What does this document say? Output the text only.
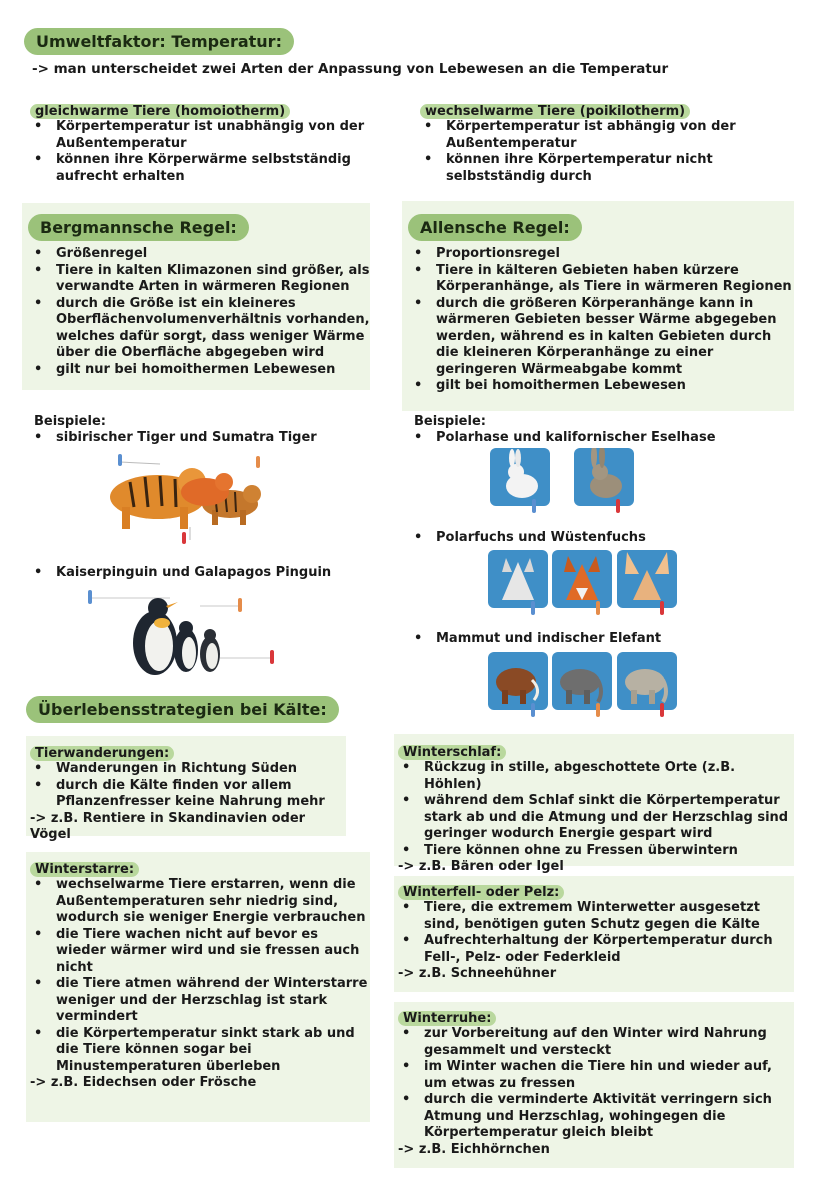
Umweltfaktor: Temperatur:
-> man unterscheidet zwei Arten der Anpassung von Lebewesen an die Temperatur
gleichwarme Tiere (homoiotherm)
• Körpertemperatur ist unabhängig von der Außentemperatur
• können ihre Körperwärme selbstständig aufrecht erhalten
wechselwarme Tiere (poikilotherm)
• Körpertemperatur ist abhängig von der Außentemperatur
• können ihre Körpertemperatur nicht selbstständig durch
Bergmannsche Regel:
• Größenregel
• Tiere in kalten Klimazonen sind größer, als verwandte Arten in wärmeren Regionen
• durch die Größe ist ein kleineres Oberflächenvolumenverhältnis vorhanden, welches dafür sorgt, dass weniger Wärme über die Oberfläche abgegeben wird
• gilt nur bei homoithermen Lebewesen
Allensche Regel:
• Proportionsregel
• Tiere in kälteren Gebieten haben kürzere Körperanhänge, als Tiere in wärmeren Regionen
• durch die größeren Körperanhänge kann in wärmeren Gebieten besser Wärme abgegeben werden, während es in kalten Gebieten durch die kleineren Körperanhänge zu einer geringeren Wärmeabgabe kommt
• gilt bei homoithermen Lebewesen
Beispiele:
• sibirischer Tiger und Sumatra Tiger
• Kaiserpinguin und Galapagos Pinguin
Beispiele:
• Polarhase und kalifornischer Eselhase
• Polarfuchs und Wüstenfuchs
• Mammut und indischer Elefant
Überlebensstrategien bei Kälte:
Tierwanderungen:
• Wanderungen in Richtung Süden
• durch die Kälte finden vor allem Pflanzenfresser keine Nahrung mehr
-> z.B. Rentiere in Skandinavien oder Vögel
Winterstarre:
• wechselwarme Tiere erstarren, wenn die Außentemperaturen sehr niedrig sind, wodurch sie weniger Energie verbrauchen
• die Tiere wachen nicht auf bevor es wieder wärmer wird und sie fressen auch nicht
• die Tiere atmen während der Winterstarre weniger und der Herzschlag ist stark vermindert
• die Körpertemperatur sinkt stark ab und die Tiere können sogar bei Minustemperaturen überleben
-> z.B. Eidechsen oder Frösche
Winterschlaf:
• Rückzug in stille, abgeschottete Orte (z.B. Höhlen)
• während dem Schlaf sinkt die Körpertemperatur stark ab und die Atmung und der Herzschlag sind geringer wodurch Energie gespart wird
• Tiere können ohne zu Fressen überwintern
-> z.B. Bären oder Igel
Winterfell- oder Pelz:
• Tiere, die extremem Winterwetter ausgesetzt sind, benötigen guten Schutz gegen die Kälte
• Aufrechterhaltung der Körpertemperatur durch Fell-, Pelz- oder Federkleid
-> z.B. Schneehühner
Winterruhe:
• zur Vorbereitung auf den Winter wird Nahrung gesammelt und versteckt
• im Winter wachen die Tiere hin und wieder auf, um etwas zu fressen
• durch die verminderte Aktivität verringern sich Atmung und Herzschlag, wohingegen die Körpertemperatur gleich bleibt
-> z.B. Eichhörnchen
